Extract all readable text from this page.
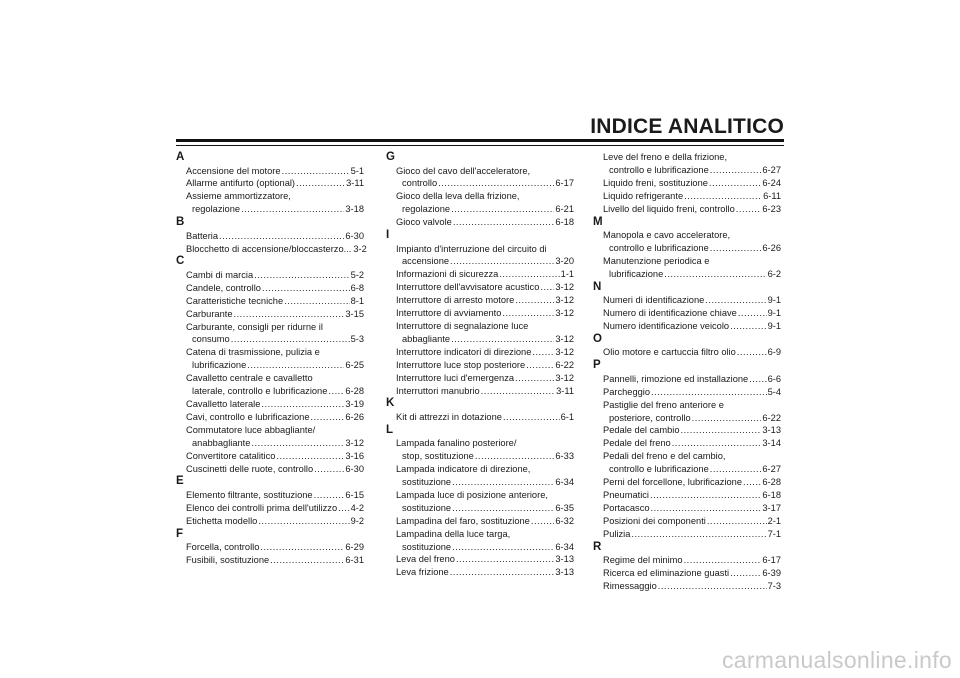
INDICE ANALITICO
A
Accensione del motore .....	5-1
Allarme antifurto (optional) .....	3-11
Assieme ammortizzatore,
regolazione .....	3-18
B
Batteria .....	6-30
Blocchetto di accensione/bloccasterzo... 3-2
C
Cambi di marcia .....	5-2
Candele, controllo .....	6-8
Caratteristiche tecniche .....	8-1
Carburante .....	3-15
Carburante, consigli per ridurne il
consumo .....	5-3
Catena di trasmissione, pulizia e
lubrificazione .....	6-25
Cavalletto centrale e cavalletto
laterale, controllo e lubrificazione ..... 6-28
Cavalletto laterale .....	3-19
Cavi, controllo e lubrificazione .....	6-26
Commutatore luce abbagliante/
anabbagliante .....	3-12
Convertitore catalitico .....	3-16
Cuscinetti delle ruote, controllo .....	6-30
E
Elemento filtrante, sostituzione .....	6-15
Elenco dei controlli prima dell'utilizzo ..... 4-2
Etichetta modello .....	9-2
F
Forcella, controllo .....	6-29
Fusibili, sostituzione .....	6-31
G
Gioco del cavo dell'acceleratore,
controllo .....	6-17
Gioco della leva della frizione,
regolazione .....	6-21
Gioco valvole .....	6-18
I
Impianto d'interruzione del circuito di
accensione .....	3-20
Informazioni di sicurezza .....	1-1
Interruttore dell'avvisatore acustico ..... 3-12
Interruttore di arresto motore .....	3-12
Interruttore di avviamento .....	3-12
Interruttore di segnalazione luce
abbagliante .....	3-12
Interruttore indicatori di direzione .....	3-12
Interruttore luce stop posteriore .....	6-22
Interruttore luci d'emergenza .....	3-12
Interruttori manubrio .....	3-11
K
Kit di attrezzi in dotazione .....	6-1
L
Lampada fanalino posteriore/
stop, sostituzione .....	6-33
Lampada indicatore di direzione,
sostituzione .....	6-34
Lampada luce di posizione anteriore,
sostituzione .....	6-35
Lampadina del faro, sostituzione .....	6-32
Lampadina della luce targa,
sostituzione .....	6-34
Leva del freno .....	3-13
Leva frizione .....	3-13
Leve del freno e della frizione,
controllo e lubrificazione .....	6-27
Liquido freni, sostituzione .....	6-24
Liquido refrigerante .....	6-11
Livello del liquido freni, controllo .....	6-23
M
Manopola e cavo acceleratore,
controllo e lubrificazione .....	6-26
Manutenzione periodica e
lubrificazione .....	6-2
N
Numeri di identificazione .....	9-1
Numero di identificazione chiave .....	9-1
Numero identificazione veicolo .....	9-1
O
Olio motore e cartuccia filtro olio .....	6-9
P
Pannelli, rimozione ed installazione ..... 6-6
Parcheggio .....	5-4
Pastiglie del freno anteriore e
posteriore, controllo .....	6-22
Pedale del cambio .....	3-13
Pedale del freno .....	3-14
Pedali del freno e del cambio,
controllo e lubrificazione .....	6-27
Perni del forcellone, lubrificazione ..... 6-28
Pneumatici .....	6-18
Portacasco .....	3-17
Posizioni dei componenti .....	2-1
Pulizia .....	7-1
R
Regime del minimo .....	6-17
Ricerca ed eliminazione guasti .....	6-39
Rimessaggio .....	7-3
carmanualsonline.info
